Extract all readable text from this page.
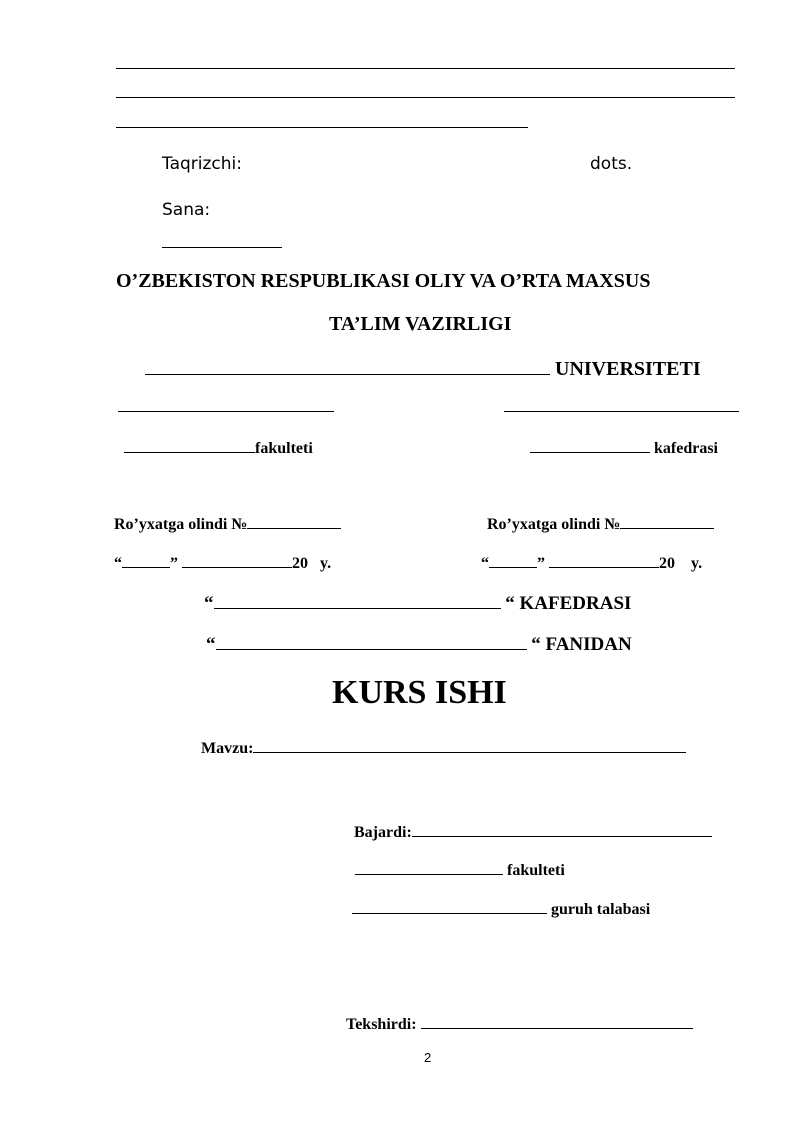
Taqrizchi:	dots.
Sana:
O’ZBEKISTON RESPUBLIKASI OLIY VA O’RTA MAXSUS
TA’LIM VAZIRLIGI
UNIVERSITETI
fakulteti	kafedrasi
Ro’yxatga olindi №	Ro’yxatga olindi №
“	”	20 y.	“	”	20 y.
“	“ KAFEDRASI
“	“ FANIDAN
KURS ISHI
Mavzu:
Bajardi:
fakulteti
guruh talabasi
Tekshirdi:
2
